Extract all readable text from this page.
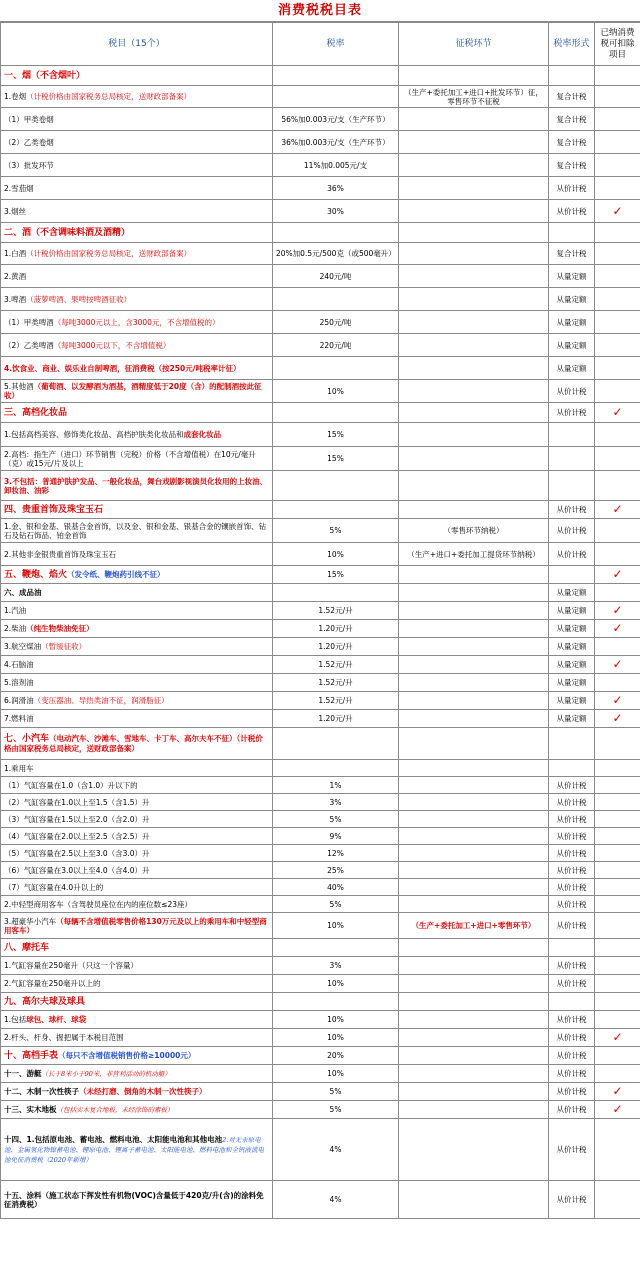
消费税税目表
税目（15个）	税率	征税环节	税率形式	已纳消费税可扣除项目
一、烟（不含烟叶）				
1.卷烟（计税价格由国家税务总局核定，送财政部备案）		（生产+委托加工+进口+批发环节）征，零售环节不征税	复合计税	
（1）甲类卷烟	56%加0.003元/支（生产环节）		复合计税	
（2）乙类卷烟	36%加0.003元/支（生产环节）		复合计税	
（3）批发环节	11%加0.005元/支		复合计税	
2.雪茄烟	36%		从价计税	
3.烟丝	30%		从价计税	✓
二、酒（不含调味料酒及酒精）				
1.白酒（计税价格由国家税务总局核定，送财政部备案）	20%加0.5元/500克（或500毫升）		复合计税	
2.黄酒	240元/吨		从量定额	
3.啤酒（菠萝啤酒、果啤按啤酒征收）			从量定额	
（1）甲类啤酒（每吨3000元以上，含3000元，不含增值税的）	250元/吨		从量定额	
（2）乙类啤酒（每吨3000元以下，不含增值税）	220元/吨		从量定额	
4.饮食业、商业、娱乐业自制啤酒，征消费税（按250元/吨税率计征）			从量定额	
5.其他酒（葡萄酒、以发酵酒为酒基，酒精度低于20度（含）的配制酒按此征收）	10%		从价计税	
三、高档化妆品			从价计税	✓
1.包括高档美容、修饰类化妆品、高档护肤类化妆品和成套化妆品	15%			
2.高档：指生产（进口）环节销售（完税）价格（不含增值税）在10元/毫升（克）或15元/片及以上	15%			
3.不包括：普通护肤护发品、一般化妆品，舞台戏剧影视演员化妆用的上妆油、卸妆油、油彩				
四、贵重首饰及珠宝玉石			从价计税	✓
1.金、银和金基、银基合金首饰，以及金、银和金基、银基合金的镶嵌首饰、钻石及钻石饰品、铂金首饰	5%	（零售环节纳税）	从价计税	
2.其他非金银贵重首饰及珠宝玉石	10%	（生产+进口+委托加工提货环节纳税）	从价计税	
五、鞭炮、焰火（发令纸、鞭炮药引线不征）	15%			✓
六、成品油			从量定额	
1.汽油	1.52元/升		从量定额	✓
2.柴油（纯生物柴油免征）	1.20元/升		从量定额	✓
3.航空煤油（暂缓征收）	1.20元/升		从量定额	
4.石脑油	1.52元/升		从量定额	✓
5.溶剂油	1.52元/升		从量定额	
6.润滑油（变压器油、导热类油不征，润滑脂征）	1.52元/升		从量定额	✓
7.燃料油	1.20元/升		从量定额	✓
七、小汽车（电动汽车、沙滩车、雪地车、卡丁车、高尔夫车不征）（计税价格由国家税务总局核定，送财政部备案）				
1.乘用车				
（1）气缸容量在1.0（含1.0）升以下的	1%		从价计税	
（2）气缸容量在1.0以上至1.5（含1.5）升	3%		从价计税	
（3）气缸容量在1.5以上至2.0（含2.0）升	5%		从价计税	
（4）气缸容量在2.0以上至2.5（含2.5）升	9%		从价计税	
（5）气缸容量在2.5以上至3.0（含3.0）升	12%		从价计税	
（6）气缸容量在3.0以上至4.0（含4.0）升	25%		从价计税	
（7）气缸容量在4.0升以上的	40%		从价计税	
2.中轻型商用客车（含驾驶员座位在内的座位数≤23座）	5%		从价计税	
3.超豪华小汽车（每辆不含增值税零售价格130万元及以上的乘用车和中轻型商用客车）	10%	（生产+委托加工+进口+零售环节）	从价计税	
八、摩托车				
1.气缸容量在250毫升（只这一个容量）	3%		从价计税	
2.气缸容量在250毫升以上的	10%		从价计税	
九、高尔夫球及球具				
1.包括球包、球杆、球袋	10%		从价计税	
2.杆头、杆身、握把属于本税目范围	10%		从价计税	✓
十、高档手表（每只不含增值税销售价格≥10000元）	20%		从价计税	
十一、游艇（长于8米小于90米，非营利活动的机动艇）	10%		从价计税	
十二、木制一次性筷子（未经打磨、倒角的木制一次性筷子）	5%		从价计税	✓
十三、实木地板（包括实木复合地板，未经涂饰的素板）	5%		从价计税	✓
十四、1.包括原电池、蓄电池、燃料电池、太阳能电池和其他电池2.对无汞原电池、金属氢化物镍蓄电池、锂原电池、锂离子蓄电池、太阳能电池、燃料电池和全钒液流电池免征消费税（2020年新增）	4%		从价计税	
十五、涂料（施工状态下挥发性有机物(VOC)含量低于420克/升(含)的涂料免征消费税）	4%		从价计税	
